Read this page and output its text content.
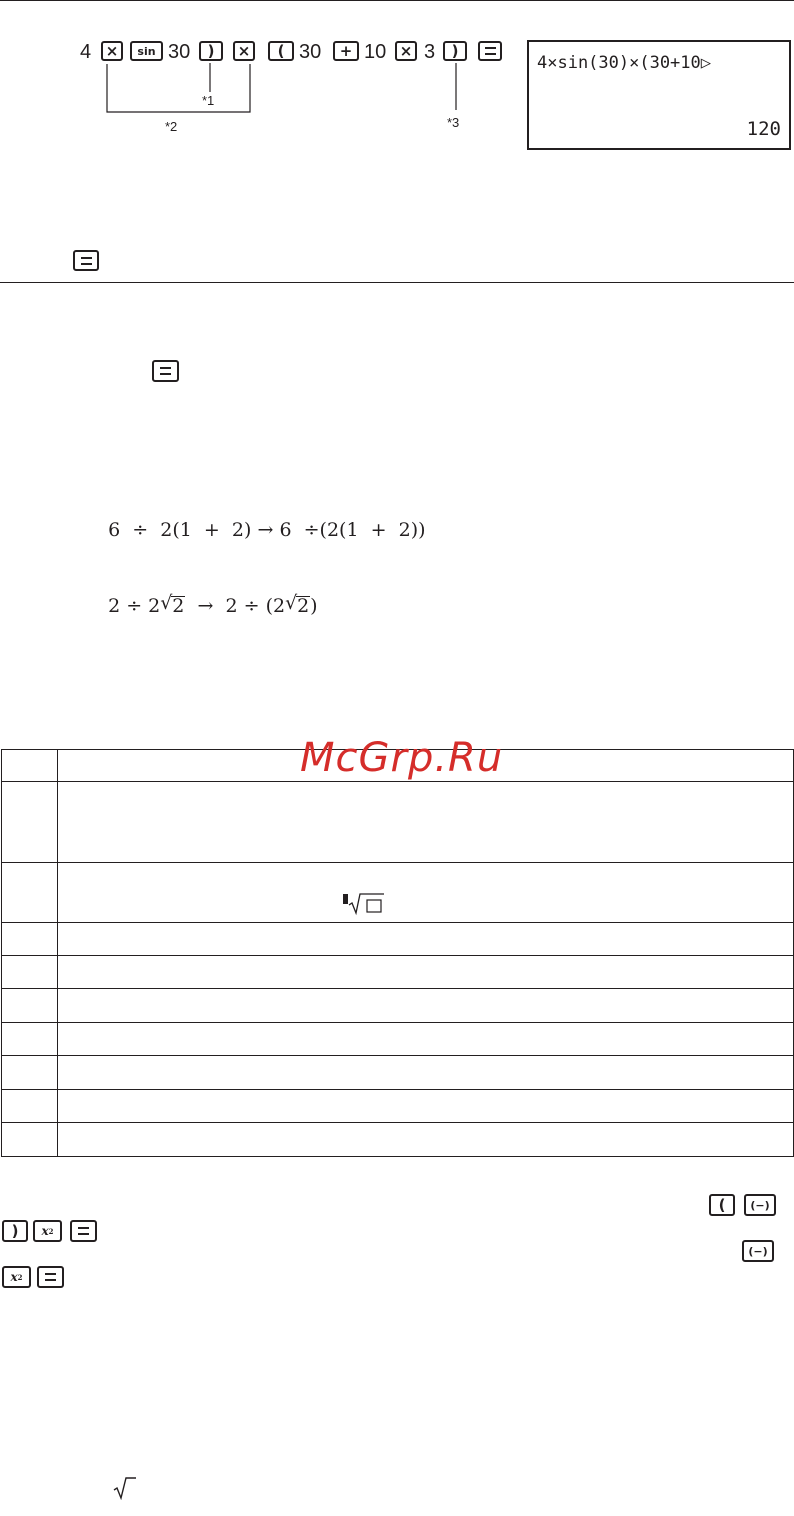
4 ×	sin 30	)	×	( 30	+ 10 × 3	)
*1
*2	*3
4×sin(30)×(30+10▷
120

6  ÷  2(1  +  2) → 6  ÷(2(1  +  2))

2 ÷ 2 √ 2 → 2 ÷ (2 √ 2)

McGrp.Ru
(	(−)
)	x 2
(−)
x 2
